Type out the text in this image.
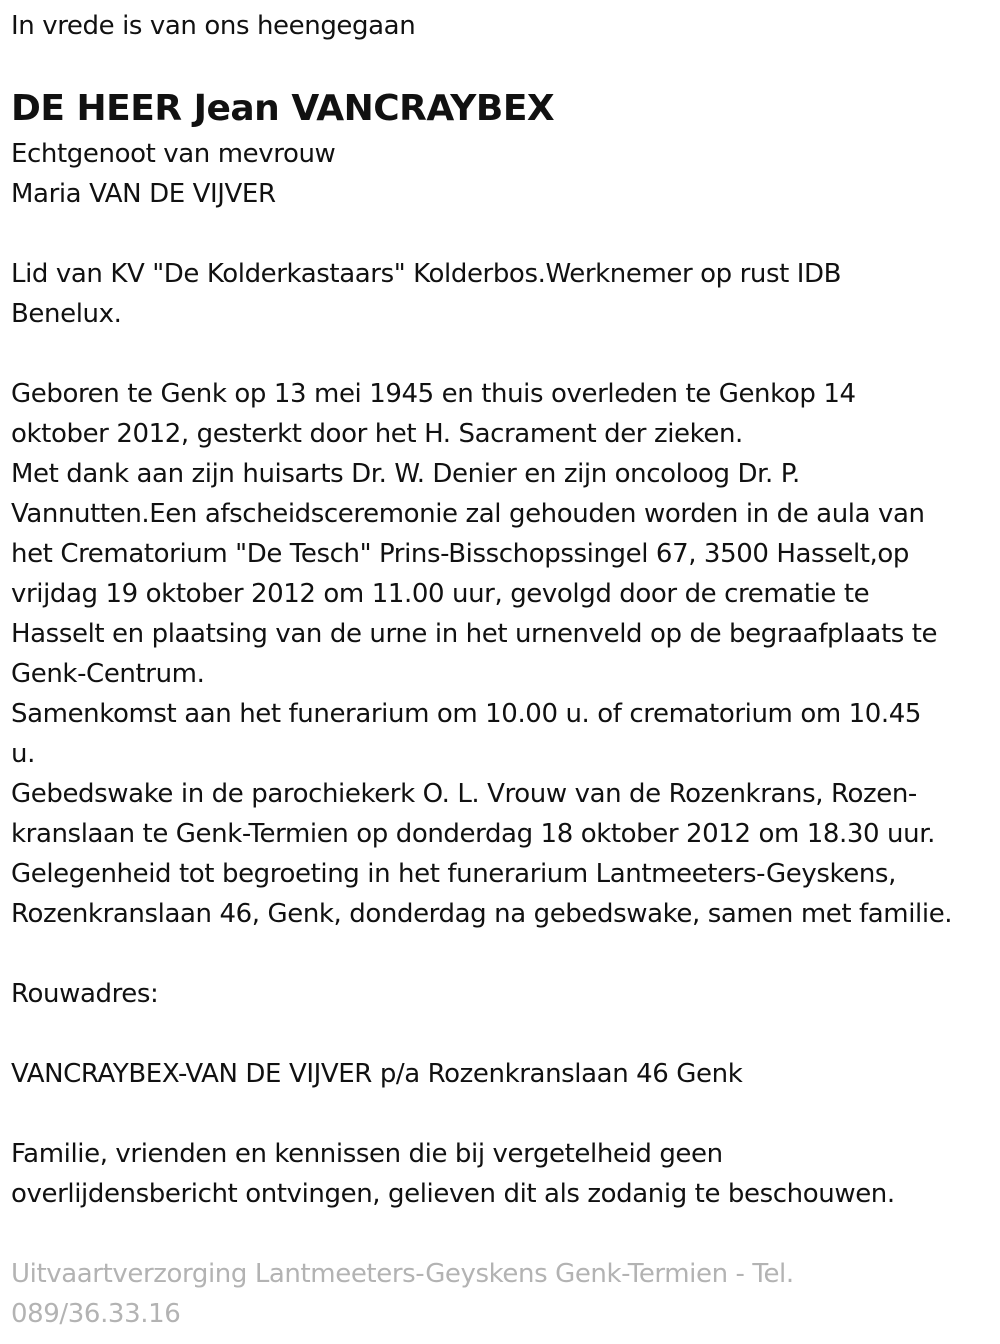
In vrede is van ons heengegaan
DE HEER Jean VANCRAYBEX
Echtgenoot van mevrouw
Maria VAN DE VIJVER
Lid van KV "De Kolderkastaars" Kolderbos.Werknemer op rust IDB
Benelux.
Geboren te Genk op 13 mei 1945 en thuis overleden te Genkop 14
oktober 2012, gesterkt door het H. Sacrament der zieken.
Met dank aan zijn huisarts Dr. W. Denier en zijn oncoloog Dr. P.
Vannutten.Een afscheidsceremonie zal gehouden worden in de aula van
het Crematorium "De Tesch" Prins-Bisschopssingel 67, 3500 Hasselt,op
vrijdag 19 oktober 2012 om 11.00 uur, gevolgd door de crematie te
Hasselt en plaatsing van de urne in het urnenveld op de begraafplaats te
Genk-Centrum.
Samenkomst aan het funerarium om 10.00 u. of crematorium om 10.45
u.
Gebedswake in de parochiekerk O. L. Vrouw van de Rozenkrans, Rozen-
kranslaan te Genk-Termien op donderdag 18 oktober 2012 om 18.30 uur.
Gelegenheid tot begroeting in het funerarium Lantmeeters-Geyskens,
Rozenkranslaan 46, Genk, donderdag na gebedswake, samen met familie.
Rouwadres:
VANCRAYBEX-VAN DE VIJVER p/a Rozenkranslaan 46 Genk
Familie, vrienden en kennissen die bij vergetelheid geen
overlijdensbericht ontvingen, gelieven dit als zodanig te beschouwen.
Uitvaartverzorging Lantmeeters-Geyskens Genk-Termien - Tel.
089/36.33.16
